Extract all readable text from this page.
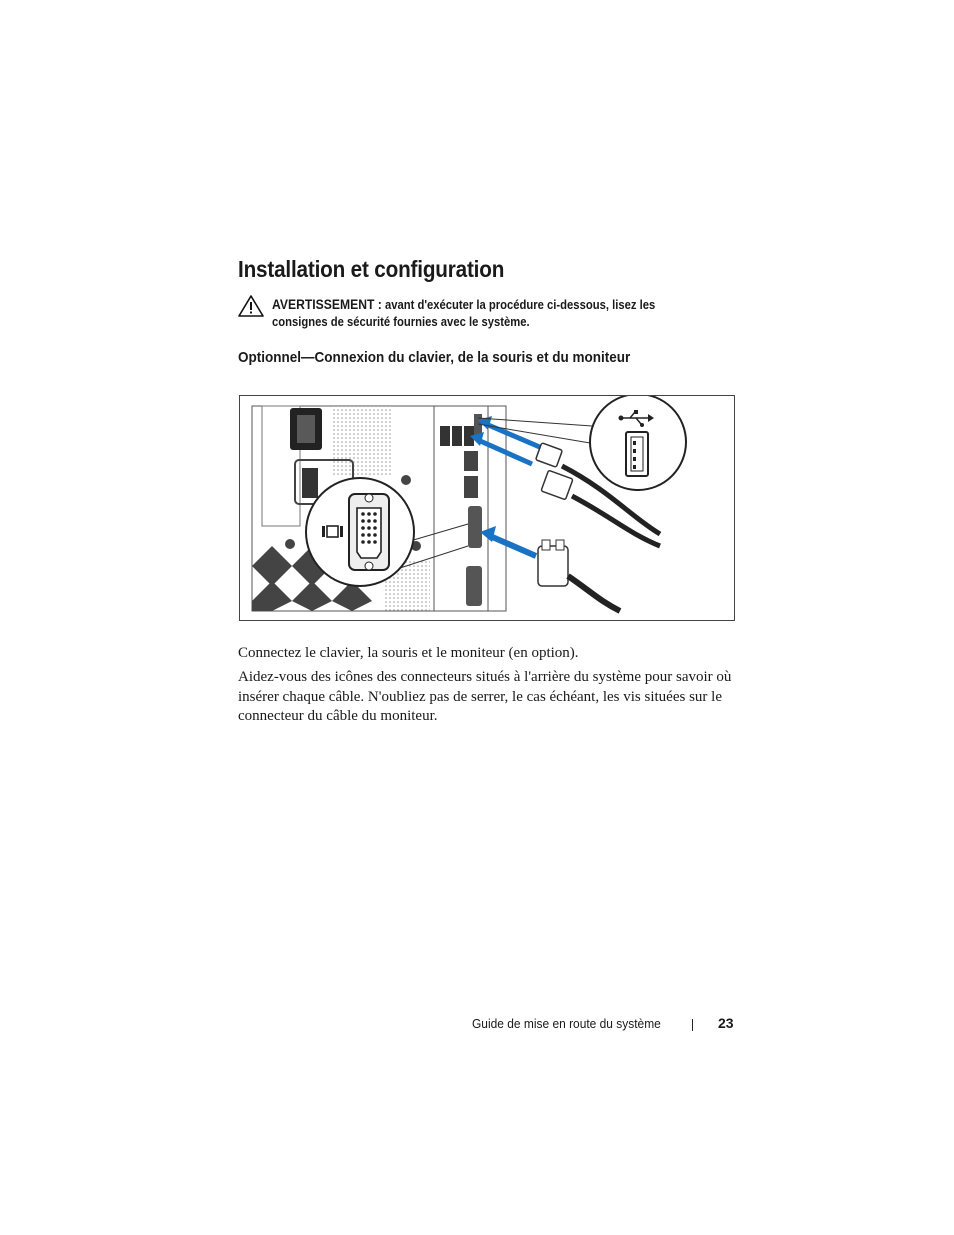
Installation et configuration
AVERTISSEMENT : avant d'exécuter la procédure ci-dessous, lisez les consignes de sécurité fournies avec le système.
Optionnel—Connexion du clavier, de la souris et du moniteur

Connectez le clavier, la souris et le moniteur (en option).

Aidez-vous des icônes des connecteurs situés à l'arrière du système pour savoir où insérer chaque câble. N'oubliez pas de serrer, le cas échéant, les vis situées sur le connecteur du câble du moniteur.

Guide de mise en route du système	23
